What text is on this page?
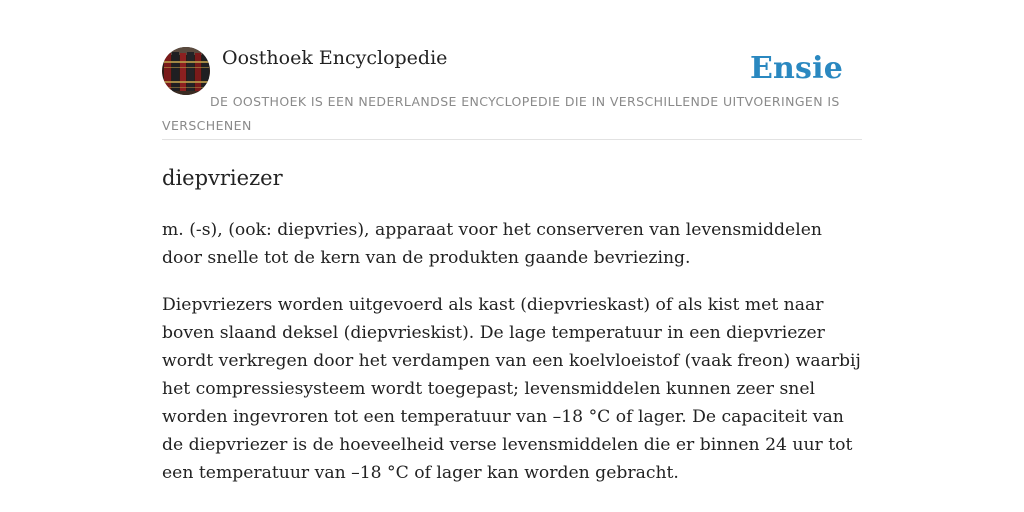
Oosthoek Encyclopedie	Ensie
DE OOSTHOEK IS EEN NEDERLANDSE ENCYCLOPEDIE DIE IN VERSCHILLENDE UITVOERINGEN IS VERSCHENEN
diepvriezer

m. (-s), (ook: diepvries), apparaat voor het conserveren van levensmiddelen door snelle tot de kern van de produkten gaande bevriezing.

Diepvriezers worden uitgevoerd als kast (diepvrieskast) of als kist met naar boven slaand deksel (diepvrieskist). De lage temperatuur in een diepvriezer wordt verkregen door het verdampen van een koelvloeistof (vaak freon) waarbij het compressiesysteem wordt toegepast; levensmiddelen kunnen zeer snel worden ingevroren tot een temperatuur van –18 °C of lager. De capaciteit van de diepvriezer is de hoeveelheid verse levensmiddelen die er binnen 24 uur tot een temperatuur van –18 °C of lager kan worden gebracht.
